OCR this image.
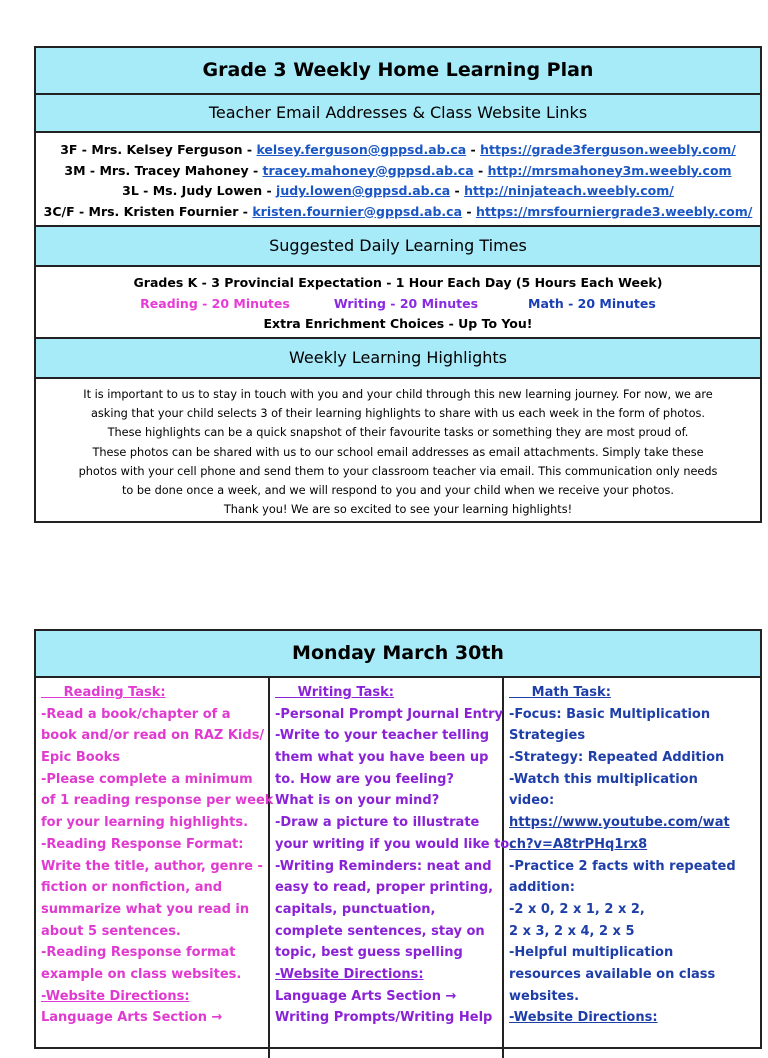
Grade 3 Weekly Home Learning Plan
Teacher Email Addresses & Class Website Links
3F - Mrs. Kelsey Ferguson - kelsey.ferguson@gppsd.ab.ca - https://grade3ferguson.weebly.com/
3M - Mrs. Tracey Mahoney - tracey.mahoney@gppsd.ab.ca - http://mrsmahoney3m.weebly.com
3L - Ms. Judy Lowen - judy.lowen@gppsd.ab.ca - http://ninjateach.weebly.com/
3C/F - Mrs. Kristen Fournier - kristen.fournier@gppsd.ab.ca - https://mrsfourniergrade3.weebly.com/
Suggested Daily Learning Times
Grades K - 3 Provincial Expectation - 1 Hour Each Day (5 Hours Each Week)
Reading - 20 Minutes	Writing - 20 Minutes	Math - 20 Minutes
Extra Enrichment Choices - Up To You!
Weekly Learning Highlights
It is important to us to stay in touch with you and your child through this new learning journey. For now, we are
asking that your child selects 3 of their learning highlights to share with us each week in the form of photos.
These highlights can be a quick snapshot of their favourite tasks or something they are most proud of.
These photos can be shared with us to our school email addresses as email attachments. Simply take these
photos with your cell phone and send them to your classroom teacher via email. This communication only needs
to be done once a week, and we will respond to you and your child when we receive your photos.
Thank you! We are so excited to see your learning highlights!
Monday March 30th
Reading Task:
-Read a book/chapter of a
book and/or read on RAZ Kids/
Epic Books
-Please complete a minimum
of 1 reading response per week
for your learning highlights.
-Reading Response Format:
Write the title, author, genre -
fiction or nonfiction, and
summarize what you read in
about 5 sentences.
-Reading Response format
example on class websites.
-Website Directions:
Language Arts Section →
Writing Task:
-Personal Prompt Journal Entry
-Write to your teacher telling
them what you have been up
to. How are you feeling?
What is on your mind?
-Draw a picture to illustrate
your writing if you would like to.
-Writing Reminders: neat and
easy to read, proper printing,
capitals, punctuation,
complete sentences, stay on
topic, best guess spelling
-Website Directions:
Language Arts Section →
Writing Prompts/Writing Help
Math Task:
-Focus: Basic Multiplication
Strategies
-Strategy: Repeated Addition
-Watch this multiplication
video:
https://www.youtube.com/wat
ch?v=A8trPHq1rx8
-Practice 2 facts with repeated
addition:
-2 x 0, 2 x 1, 2 x 2,
2 x 3, 2 x 4, 2 x 5
-Helpful multiplication
resources available on class
websites.
-Website Directions:
